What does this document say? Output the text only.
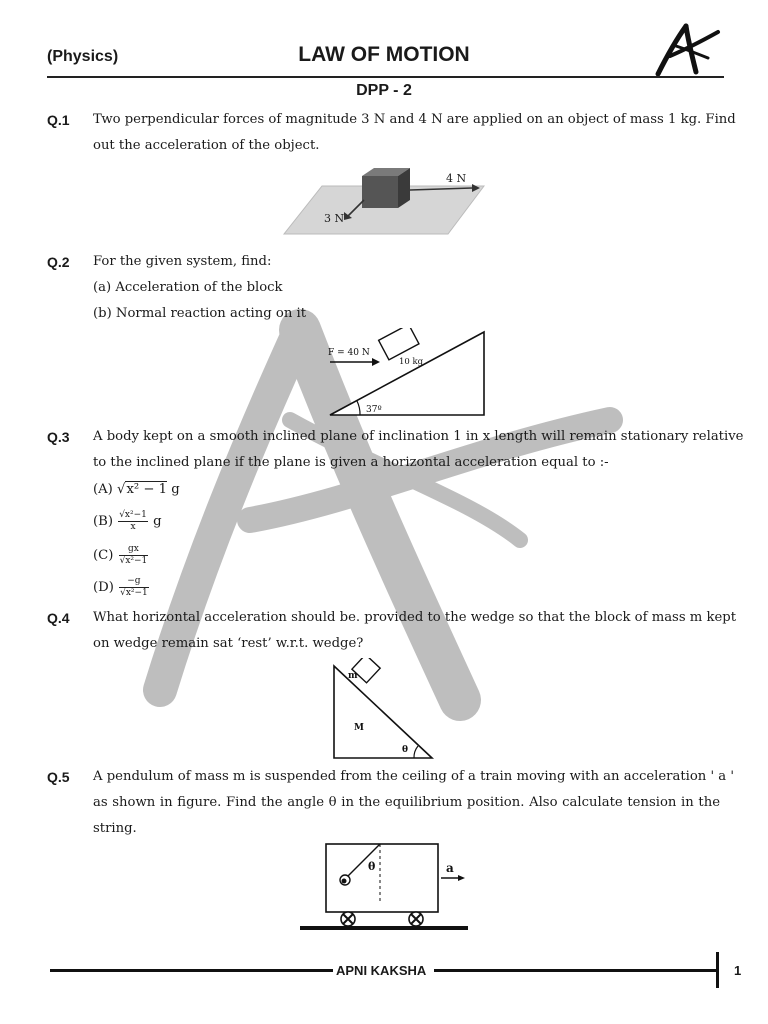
(Physics)	LAW OF MOTION
DPP - 2
Q.1 Two perpendicular forces of magnitude 3 N and 4 N are applied on an object of mass 1 kg. Find
out the acceleration of the object.
4 N
3 N
Q.2 For the given system, find:
(a) Acceleration of the block
(b) Normal reaction acting on it
10 kg
F = 40 N
37º
Q.3 A body kept on a smooth inclined plane of inclination 1 in x length will remain stationary relative
to the inclined plane if the plane is given a horizontal acceleration equal to :-
(A) √x² − 1 g
$(B) \frac{\text{√x²−1}}{x}$ g
$(C) \frac{gx}{\text{√x²−1}}$
$(D) \frac{-g}{\text{√x²−1}}$
Q.4 What horizontal acceleration should be. provided to the wedge so that the block of mass m kept
on wedge remain sat ‘rest’ w.r.t. wedge?
m
M
θ
Q.5 A pendulum of mass m is suspended from the ceiling of a train moving with an acceleration ' a '
as shown in figure. Find the angle θ in the equilibrium position. Also calculate tension in the
string.
θ	a
APNI KAKSHA	1
